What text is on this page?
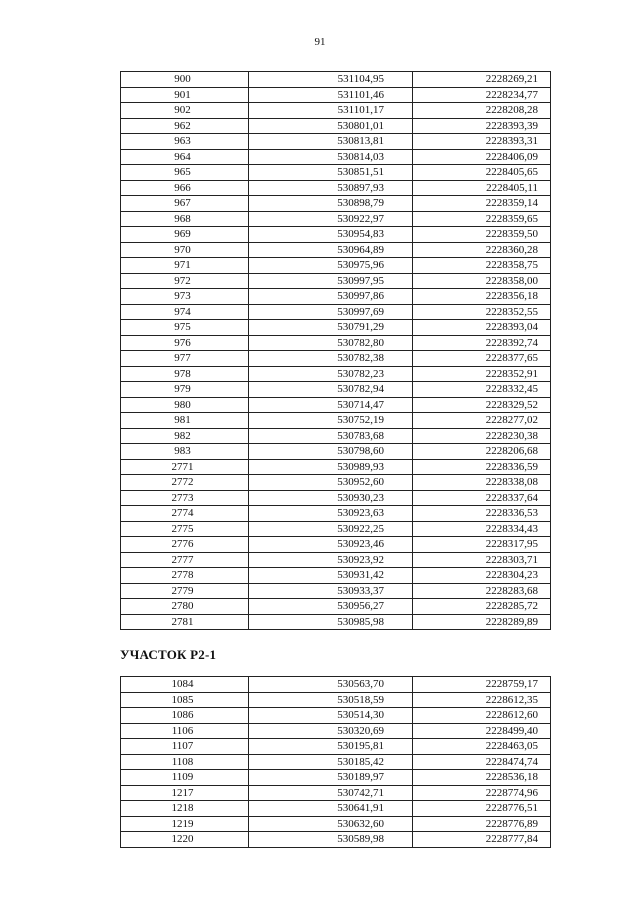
91
900	531104,95	2228269,21
901	531101,46	2228234,77
902	531101,17	2228208,28
962	530801,01	2228393,39
963	530813,81	2228393,31
964	530814,03	2228406,09
965	530851,51	2228405,65
966	530897,93	2228405,11
967	530898,79	2228359,14
968	530922,97	2228359,65
969	530954,83	2228359,50
970	530964,89	2228360,28
971	530975,96	2228358,75
972	530997,95	2228358,00
973	530997,86	2228356,18
974	530997,69	2228352,55
975	530791,29	2228393,04
976	530782,80	2228392,74
977	530782,38	2228377,65
978	530782,23	2228352,91
979	530782,94	2228332,45
980	530714,47	2228329,52
981	530752,19	2228277,02
982	530783,68	2228230,38
983	530798,60	2228206,68
2771	530989,93	2228336,59
2772	530952,60	2228338,08
2773	530930,23	2228337,64
2774	530923,63	2228336,53
2775	530922,25	2228334,43
2776	530923,46	2228317,95
2777	530923,92	2228303,71
2778	530931,42	2228304,23
2779	530933,37	2228283,68
2780	530956,27	2228285,72
2781	530985,98	2228289,89
УЧАСТОК Р2-1
1084	530563,70	2228759,17
1085	530518,59	2228612,35
1086	530514,30	2228612,60
1106	530320,69	2228499,40
1107	530195,81	2228463,05
1108	530185,42	2228474,74
1109	530189,97	2228536,18
1217	530742,71	2228774,96
1218	530641,91	2228776,51
1219	530632,60	2228776,89
1220	530589,98	2228777,84
